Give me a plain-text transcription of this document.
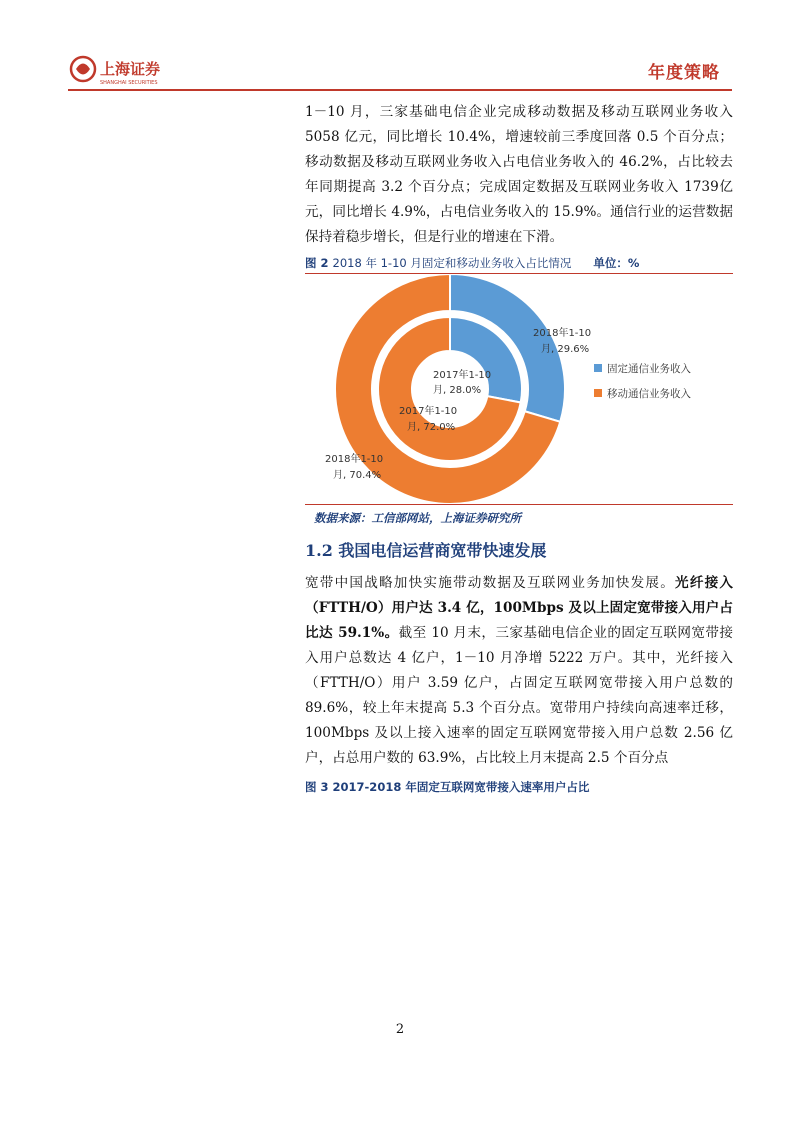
上海证券
SHANGHAI SECURITIES	年度策略
1－10 月，三家基础电信企业完成移动数据及移动互联网业务收入5058 亿元，同比增长 10.4%，增速较前三季度回落 0.5 个百分点；移动数据及移动互联网业务收入占电信业务收入的 46.2%，占比较去年同期提高 3.2 个百分点；完成固定数据及互联网业务收入 1739亿元，同比增长 4.9%，占电信业务收入的 15.9%。通信行业的运营数据保持着稳步增长，但是行业的增速在下滑。
图 2 2018 年 1-10 月固定和移动业务收入占比情况 单位：%
2018年1-10
月, 29.6%
2018年1-10
月, 70.4%
2017年1-10
月, 28.0%
2017年1-10
月, 72.0%
固定通信业务收入
移动通信业务收入
数据来源：工信部网站，上海证券研究所
1.2 我国电信运营商宽带快速发展
宽带中国战略加快实施带动数据及互联网业务加快发展。光纤接入（FTTH/O）用户达 3.4 亿，100Mbps 及以上固定宽带接入用户占比达 59.1%。截至 10 月末，三家基础电信企业的固定互联网宽带接入用户总数达 4 亿户，1－10 月净增 5222 万户。其中，光纤接入（FTTH/O）用户 3.59 亿户，占固定互联网宽带接入用户总数的 89.6%，较上年末提高 5.3 个百分点。宽带用户持续向高速率迁移，100Mbps 及以上接入速率的固定互联网宽带接入用户总数 2.56 亿户，占总用户数的 63.9%，占比较上月末提高 2.5 个百分点
图 3 2017-2018 年固定互联网宽带接入速率用户占比
2
